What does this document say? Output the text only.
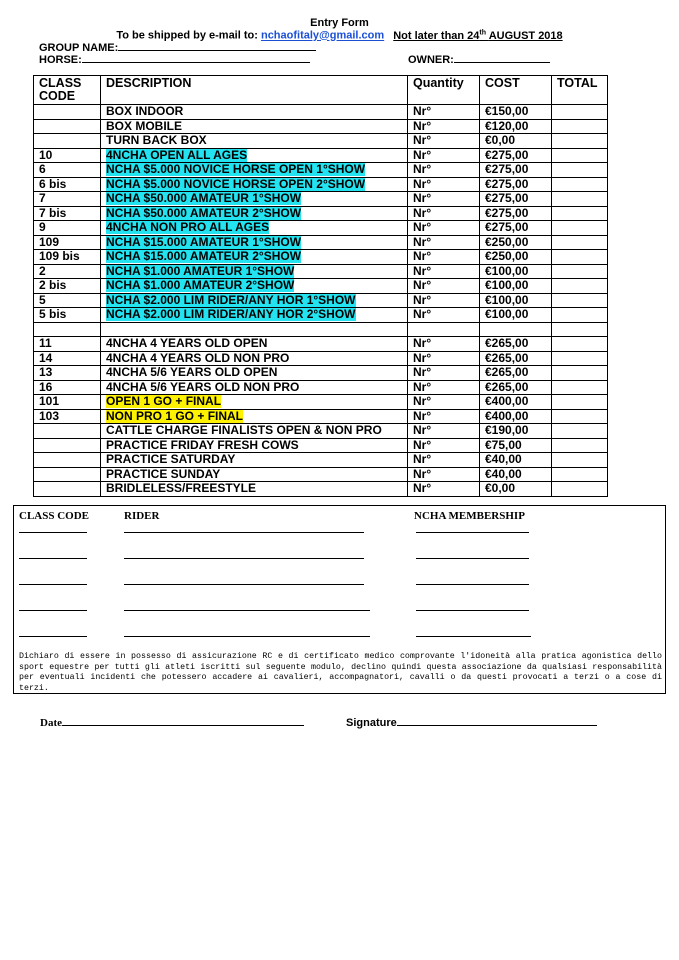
Entry Form
To be shipped by e-mail to: nchaofitaly@gmail.com Not later than 24th AUGUST 2018
GROUP NAME:
HORSE:	OWNER:
CLASS CODE	DESCRIPTION	Quantity	COST	TOTAL
	BOX INDOOR	Nr°	€150,00	
	BOX MOBILE	Nr°	€120,00	
	TURN BACK BOX	Nr°	€0,00	
10	4NCHA OPEN ALL AGES	Nr°	€275,00	
6	NCHA $5.000 NOVICE HORSE OPEN 1°SHOW	Nr°	€275,00	
6 bis	NCHA $5.000 NOVICE HORSE OPEN 2°SHOW	Nr°	€275,00	
7	NCHA $50.000 AMATEUR 1°SHOW	Nr°	€275,00	
7 bis	NCHA $50.000 AMATEUR 2°SHOW	Nr°	€275,00	
9	4NCHA NON PRO ALL AGES	Nr°	€275,00	
109	NCHA $15.000 AMATEUR 1°SHOW	Nr°	€250,00	
109 bis	NCHA $15.000 AMATEUR 2°SHOW	Nr°	€250,00	
2	NCHA $1.000 AMATEUR 1°SHOW	Nr°	€100,00	
2 bis	NCHA $1.000 AMATEUR 2°SHOW	Nr°	€100,00	
5	NCHA $2.000 LIM RIDER/ANY HOR 1°SHOW	Nr°	€100,00	
5 bis	NCHA $2.000 LIM RIDER/ANY HOR 2°SHOW	Nr°	€100,00	

11	4NCHA 4 YEARS OLD OPEN	Nr°	€265,00	
14	4NCHA 4 YEARS OLD NON PRO	Nr°	€265,00	
13	4NCHA 5/6 YEARS OLD OPEN	Nr°	€265,00	
16	4NCHA 5/6 YEARS OLD NON PRO	Nr°	€265,00	
101	OPEN 1 GO + FINAL	Nr°	€400,00	
103	NON PRO 1 GO + FINAL	Nr°	€400,00	
	CATTLE CHARGE FINALISTS OPEN & NON PRO	Nr°	€190,00	
	PRACTICE FRIDAY FRESH COWS	Nr°	€75,00	
	PRACTICE SATURDAY	Nr°	€40,00	
	PRACTICE SUNDAY	Nr°	€40,00	
	BRIDLELESS/FREESTYLE	Nr°	€0,00	
CLASS CODE	RIDER	NCHA MEMBERSHIP
Dichiaro di essere in possesso di assicurazione RC e di certificato medico comprovante l'idoneità alla pratica agonistica dello sport equestre per tutti gli atleti iscritti sul seguente modulo, declino quindi questa associazione da qualsiasi responsabilità per eventuali incidenti che potessero accadere ai cavalieri, accompagnatori, cavalli o da questi provocati a terzi o a cose di terzi.
Date	Signature
